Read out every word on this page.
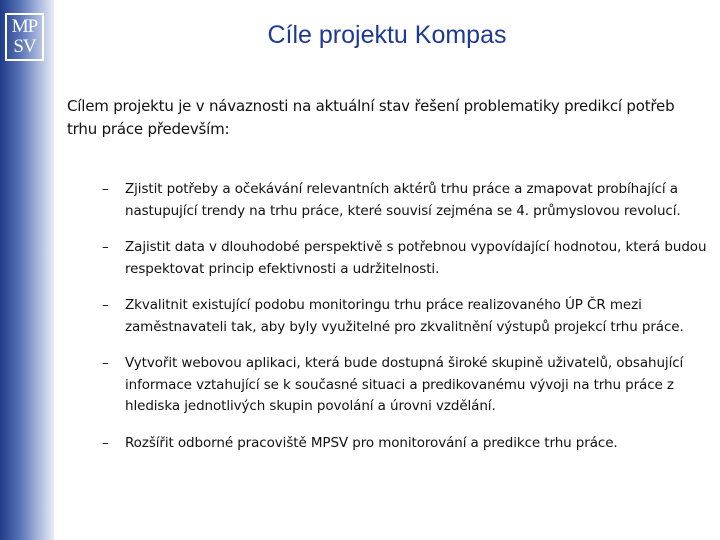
MP
SV	Cíle projektu Kompas

Cílem projektu je v návaznosti na aktuální stav řešení problematiky predikcí potřeb trhu práce především:

– Zjistit potřeby a očekávání relevantních aktérů trhu práce a zmapovat probíhající a nastupující trendy na trhu práce, které souvisí zejména se 4. průmyslovou revolucí.
– Zajistit data v dlouhodobé perspektivě s potřebnou vypovídající hodnotou, která budou respektovat princip efektivnosti a udržitelnosti.
– Zkvalitnit existující podobu monitoringu trhu práce realizovaného ÚP ČR mezi zaměstnavateli tak, aby byly využitelné pro zkvalitnění výstupů projekcí trhu práce.
– Vytvořit webovou aplikaci, která bude dostupná široké skupině uživatelů, obsahující informace vztahující se k současné situaci a predikovanému vývoji na trhu práce z hlediska jednotlivých skupin povolání a úrovni vzdělání.
– Rozšířit odborné pracoviště MPSV pro monitorování a predikce trhu práce.
